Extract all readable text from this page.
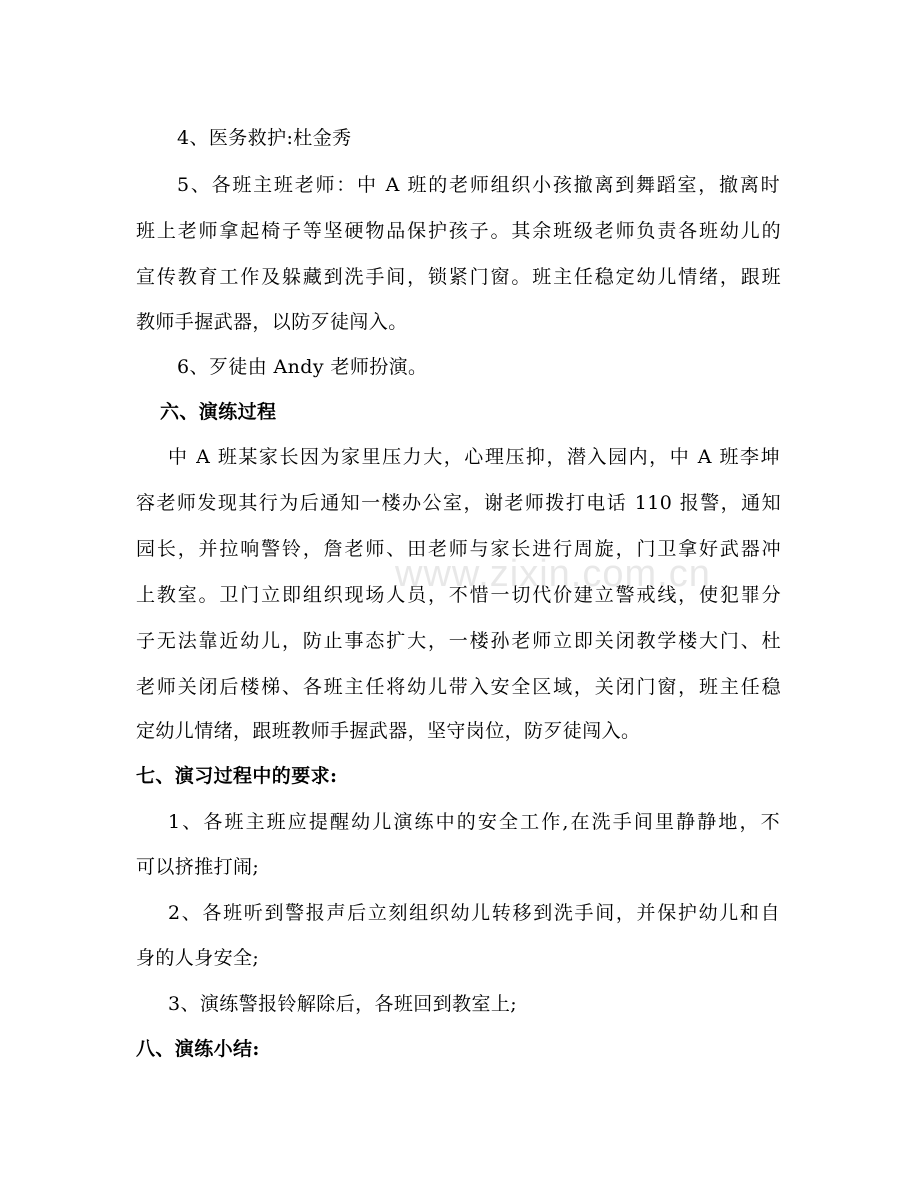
4、医务救护:杜金秀
5、各班主班老师：中 A 班的老师组织小孩撤离到舞蹈室，撤离时
班上老师拿起椅子等坚硬物品保护孩子。其余班级老师负责各班幼儿的
宣传教育工作及躲藏到洗手间，锁紧门窗。班主任稳定幼儿情绪，跟班
教师手握武器，以防歹徒闯入。
6、歹徒由 Andy 老师扮演。
六、演练过程
中 A 班某家长因为家里压力大，心理压抑，潜入园内，中 A 班李坤
容老师发现其行为后通知一楼办公室，谢老师拨打电话 110 报警，通知
园长，并拉响警铃，詹老师、田老师与家长进行周旋，门卫拿好武器冲
上教室。卫门立即组织现场人员，不惜一切代价建立警戒线，使犯罪分
子无法靠近幼儿，防止事态扩大，一楼孙老师立即关闭教学楼大门、杜
老师关闭后楼梯、各班主任将幼儿带入安全区域，关闭门窗，班主任稳
定幼儿情绪，跟班教师手握武器，坚守岗位，防歹徒闯入。
七、演习过程中的要求:
1、各班主班应提醒幼儿演练中的安全工作,在洗手间里静静地，不
可以挤推打闹;
2、各班听到警报声后立刻组织幼儿转移到洗手间，并保护幼儿和自
身的人身安全;
3、演练警报铃解除后，各班回到教室上;
八、演练小结:
www.zixin.com.cn
